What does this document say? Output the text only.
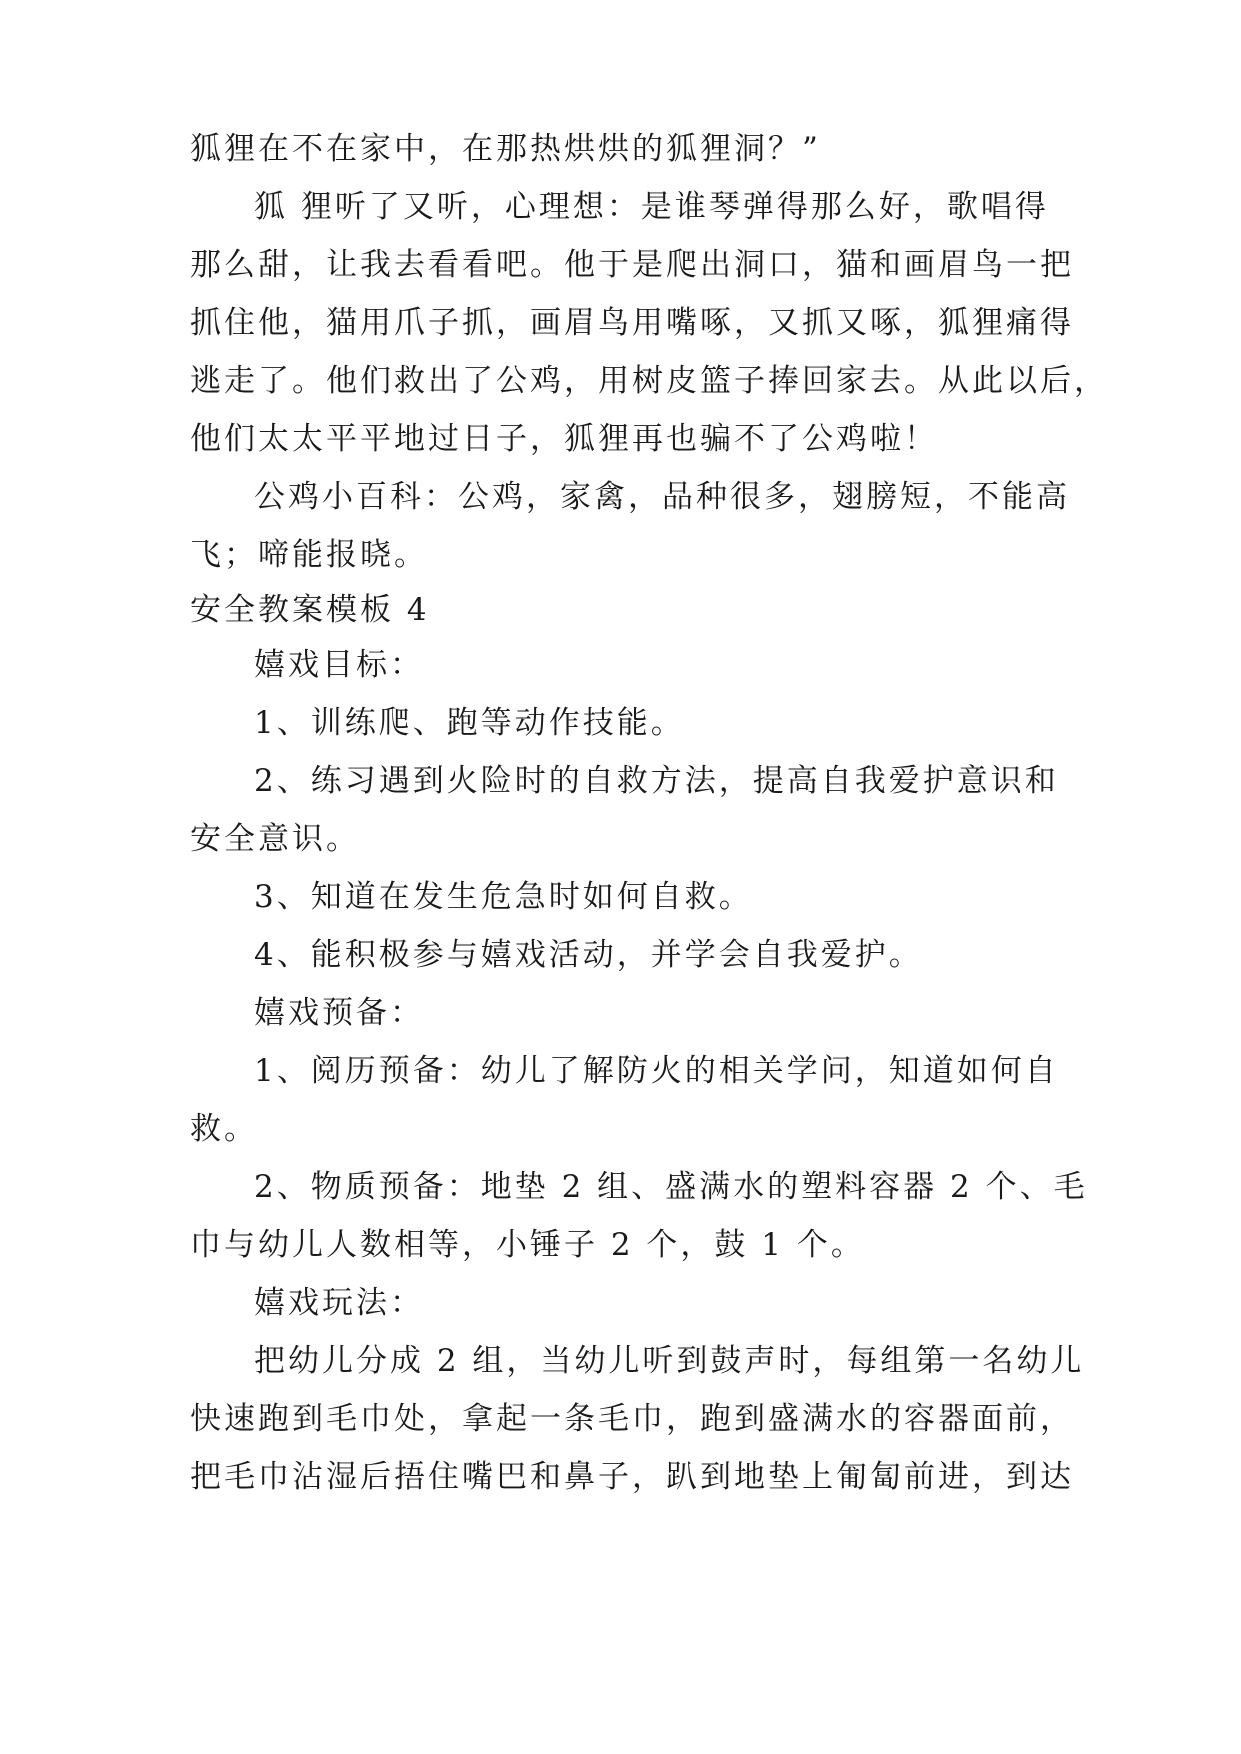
狐狸在不在家中，在那热烘烘的狐狸洞？”
狐 狸听了又听，心理想：是谁琴弹得那么好，歌唱得
那么甜，让我去看看吧。他于是爬出洞口，猫和画眉鸟一把
抓住他，猫用爪子抓，画眉鸟用嘴啄，又抓又啄，狐狸痛得
逃走了。他们救出了公鸡，用树皮篮子捧回家去。从此以后，
他们太太平平地过日子，狐狸再也骗不了公鸡啦！
公鸡小百科：公鸡，家禽，品种很多，翅膀短，不能高
飞；啼能报晓。
安全教案模板 4
嬉戏目标：
1、训练爬、跑等动作技能。
2、练习遇到火险时的自救方法，提高自我爱护意识和
安全意识。
3、知道在发生危急时如何自救。
4、能积极参与嬉戏活动，并学会自我爱护。
嬉戏预备：
1、阅历预备：幼儿了解防火的相关学问，知道如何自
救。
2、物质预备：地垫 2 组、盛满水的塑料容器 2 个、毛
巾与幼儿人数相等，小锤子 2 个，鼓 1 个。
嬉戏玩法：
把幼儿分成 2 组，当幼儿听到鼓声时，每组第一名幼儿
快速跑到毛巾处，拿起一条毛巾，跑到盛满水的容器面前，
把毛巾沾湿后捂住嘴巴和鼻子，趴到地垫上匍匐前进，到达
